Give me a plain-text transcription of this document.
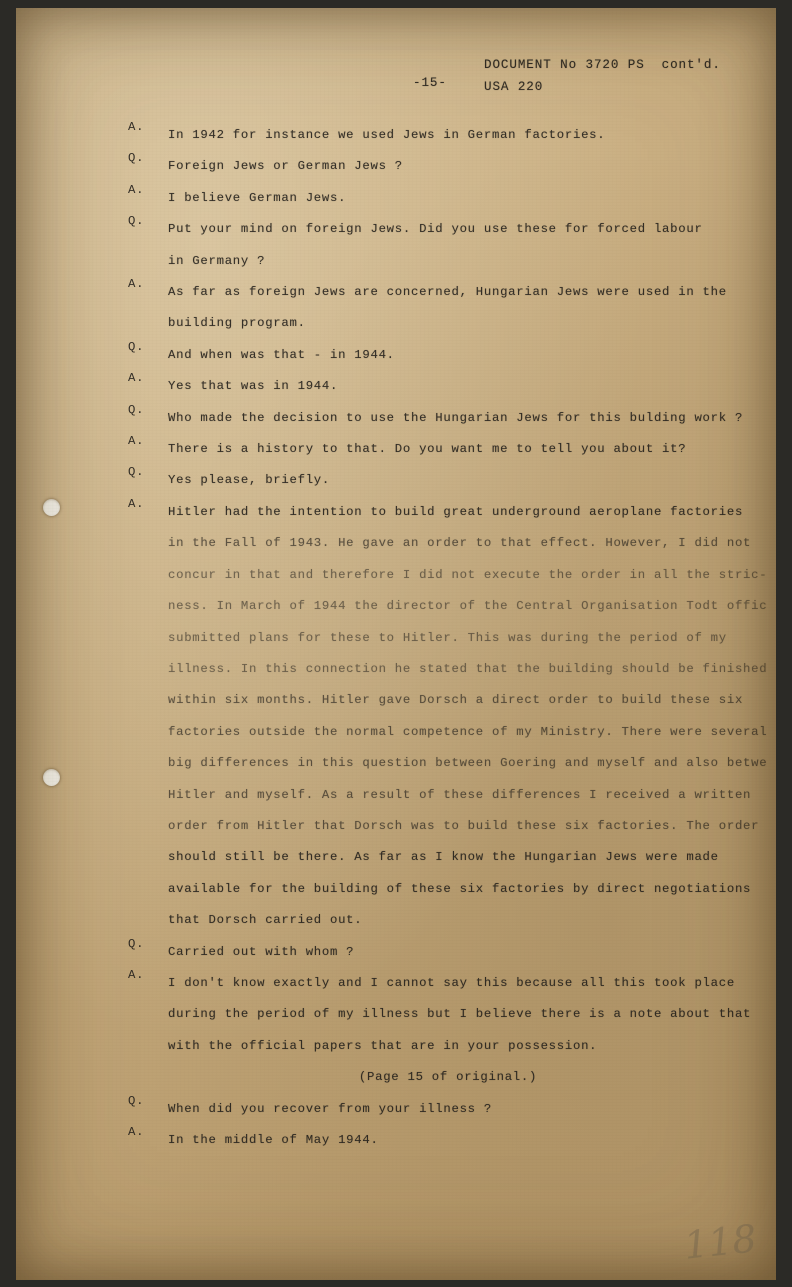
DOCUMENT No 3720 PS  cont'd.
USA 220
-15-
A.
In 1942 for instance we used Jews in German factories.
Q.
Foreign Jews or German Jews ?
A.
I believe German Jews.
Q.
Put your mind on foreign Jews. Did you use these for forced labour
in Germany ?
A.
As far as foreign Jews are concerned, Hungarian Jews were used in the
building program.
Q.
And when was that - in 1944.
A.
Yes that was in 1944.
Q.
Who made the decision to use the Hungarian Jews for this bulding work ?
A.
There is a history to that. Do you want me to tell you about it?
Q.
Yes please, briefly.
A.
Hitler had the intention to build great underground aeroplane factories
in the Fall of 1943. He gave an order to that effect. However, I did not
concur in that and therefore I did not execute the order in all the stric-
ness. In March of 1944 the director of the Central Organisation Todt offic
submitted plans for these to Hitler. This was during the period of my
illness. In this connection he stated that the building should be finished
within six months. Hitler gave Dorsch a direct order to build these six
factories outside the normal competence of my Ministry. There were several
big differences in this question between Goering and myself and also betwe
Hitler and myself. As a result of these differences I received a written
order from Hitler that Dorsch was to build these six factories. The order
should still be there. As far as I know the Hungarian Jews were made
available for the building of these six factories by direct negotiations
that Dorsch carried out.
Q.
Carried out with whom ?
A.
I don't know exactly and I cannot say this because all this took place
during the period of my illness but I believe there is a note about that
with the official papers that are in your possession.
(Page 15 of original.)
Q.
When did you recover from your illness ?
A.
In the middle of May 1944.
118
